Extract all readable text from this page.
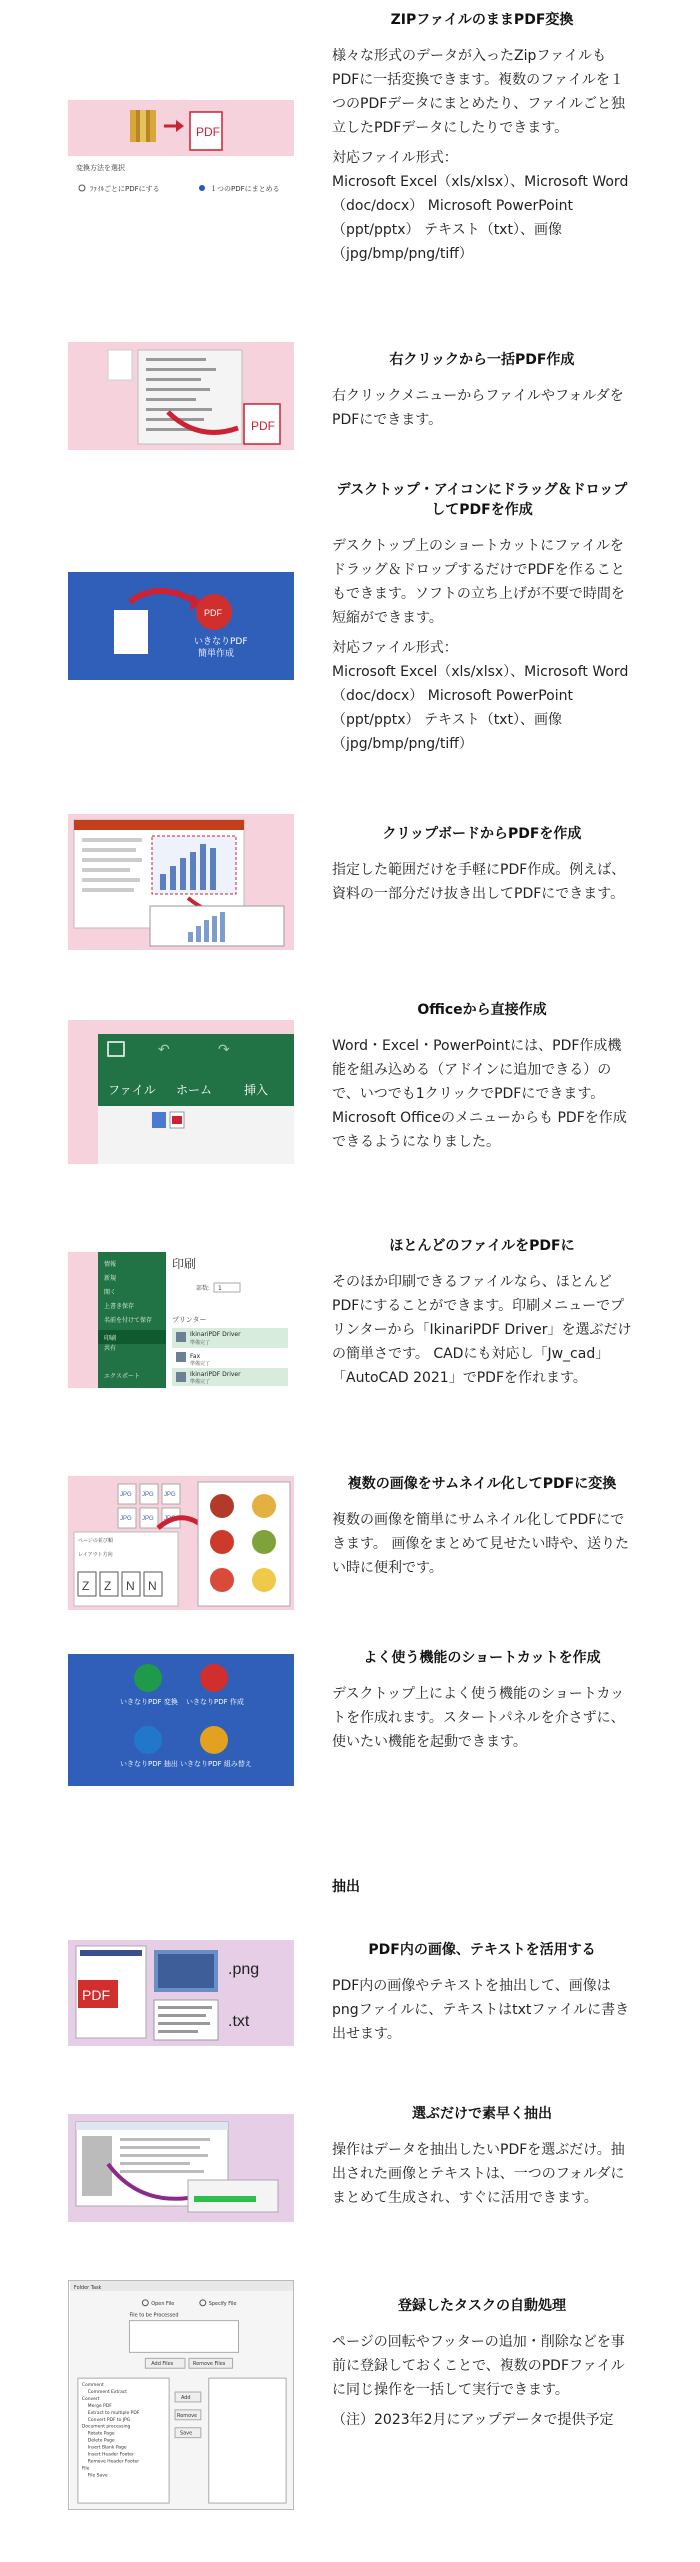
PDF
変換方法を選択
ﾌｧｲﾙごとにPDFにする	１つのPDFにまとめる
ZIPファイルのままPDF変換
様々な形式のデータが入ったZipファイルもPDFに一括変換できます。複数のファイルを１つのPDFデータにまとめたり、ファイルごと独立したPDFデータにしたりできます。
対応ファイル形式：
Microsoft Excel（xls/xlsx）、Microsoft Word（doc/docx） Microsoft PowerPoint（ppt/pptx） テキスト（txt）、画像（jpg/bmp/png/tiff）
PDF
右クリックから一括PDF作成
右クリックメニューからファイルやフォルダをPDFにできます。
PDF
いきなりPDF
簡単作成
デスクトップ・アイコンにドラッグ＆ドロップしてPDFを作成
デスクトップ上のショートカットにファイルをドラッグ＆ドロップするだけでPDFを作ることもできます。ソフトの立ち上げが不要で時間を短縮ができます。
対応ファイル形式：
Microsoft Excel（xls/xlsx）、Microsoft Word（doc/docx） Microsoft PowerPoint（ppt/pptx） テキスト（txt）、画像（jpg/bmp/png/tiff）
クリップボードからPDFを作成
指定した範囲だけを手軽にPDF作成。例えば、資料の一部分だけ抜き出してPDFにできます。
↶	↷
ファイル ホーム	挿入
Officeから直接作成
Word・Excel・PowerPointには、PDF作成機能を組み込める（アドインに追加できる）ので、いつでも1クリックでPDFにできます。Microsoft Officeのメニューからも PDFを作成できるようになりました。
情報
新規
開く
上書き保存
名前を付けて保存
共有
エクスポート
印刷
印刷
部数: 1
プリンター
IkinariPDF Driver
準備完了
Fax
準備完了
IkinariPDF Driver
準備完了
ほとんどのファイルをPDFに
そのほか印刷できるファイルなら、ほとんどPDFにすることができます。印刷メニューでプリンターから「IkinariPDF Driver」を選ぶだけの簡単さです。 CADにも対応し「Jw_cad」「AutoCAD 2021」でPDFを作れます。
JPG JPG JPG
JPG JPG JPG
ページの並び順
レイアウト方向
Z Z N N
複数の画像をサムネイル化してPDFに変換
複数の画像を簡単にサムネイル化してPDFにできます。 画像をまとめて見せたい時や、送りたい時に便利です。
いきなりPDF 変換 いきなりPDF 作成
いきなりPDF 抽出 いきなりPDF 組み替え
よく使う機能のショートカットを作成
デスクトップ上によく使う機能のショートカットを作成れます。スタートパネルを介さずに、使いたい機能を起動できます。
抽出
PDF
.png
.txt
PDF内の画像、テキストを活用する
PDF内の画像やテキストを抽出して、画像はpngファイルに、テキストはtxtファイルに書き出せます。
選ぶだけで素早く抽出
操作はデータを抽出したいPDFを選ぶだけ。抽出された画像とテキストは、一つのフォルダにまとめて生成され、すぐに活用できます。
Folder Task
Open File	Specify File
File to be Processed
Add Files	Remove Files
Comment
Comment Extract
Convert
Merge PDF
Extract to multiple PDF
Convert PDF to JPG
Document processing
Rotate Page
Delete Page
Insert Blank Page
Insert Header Footer
Remove Header Footer
File
File Save
Add
Remove
Save
登録したタスクの自動処理
ページの回転やフッターの追加・削除などを事前に登録しておくことで、複数のPDFファイルに同じ操作を一括して実行できます。
（注）2023年2月にアップデータで提供予定
